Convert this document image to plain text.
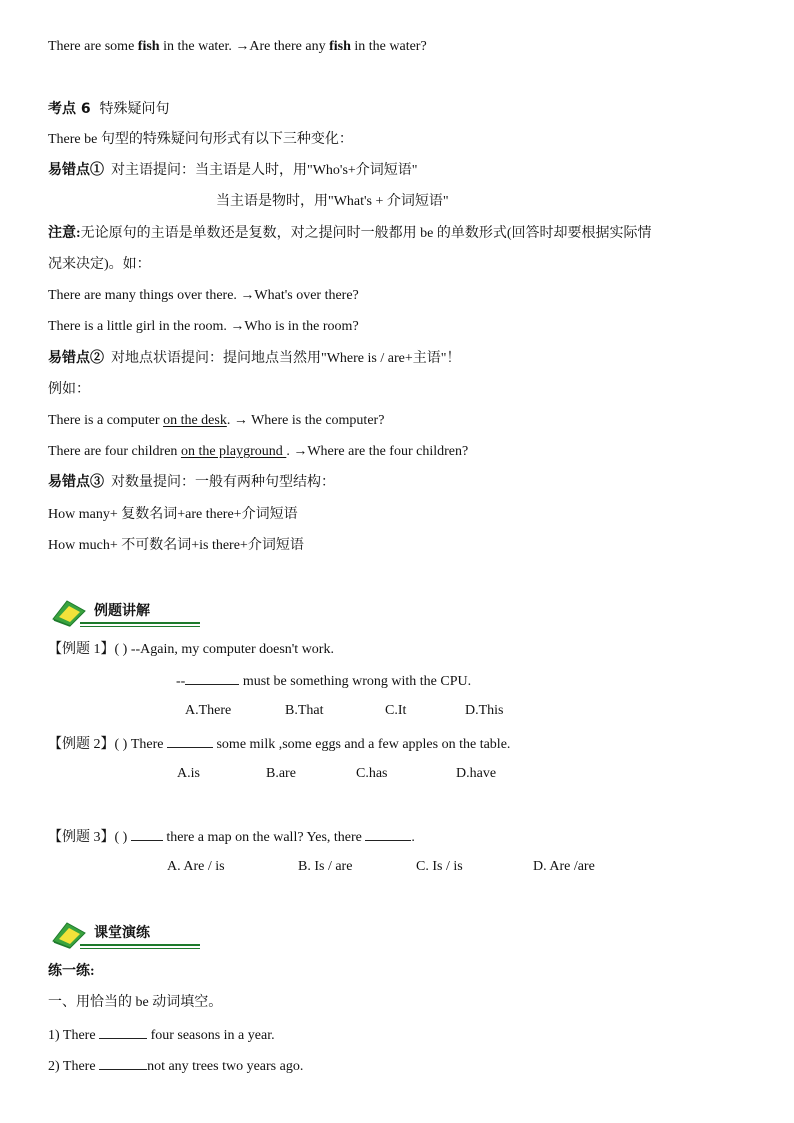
There are some fish in the water. →Are there any fish in the water?
考点 6 特殊疑问句
There be 句型的特殊疑问句形式有以下三种变化：
易错点① 对主语提问：当主语是人时，用"Who's+介词短语"
当主语是物时，用"What's + 介词短语"
注意:无论原句的主语是单数还是复数，对之提问时一般都用 be 的单数形式(回答时却要根据实际情
况来决定)。如：
There are many things over there. →What's over there?
There is a little girl in the room. →Who is in the room?
易错点② 对地点状语提问：提问地点当然用"Where is / are+主语"！
例如：
There is a computer on the desk. → Where is the computer?
There are four children on the playground . →Where are the four children?
易错点③ 对数量提问：一般有两种句型结构：
How many+ 复数名词+are there+介词短语
How much+ 不可数名词+is there+介词短语
例题讲解
【例题 1】( ) --Again, my computer doesn't work.
--	must be something wrong with the CPU.
A.There	B.That	C.It	D.This
【例题 2】( ) There	some milk ,some eggs and a few apples on the table.
A.is	B.are	C.has	D.have
【例题 3】( )	there a map on the wall? Yes, there	.
A. Are / is	B. Is / are	C. Is / is	D. Are /are
课堂演练
练一练:
一、用恰当的 be 动词填空。
1) There	four seasons in a year.
2) There	not any trees two years ago.
